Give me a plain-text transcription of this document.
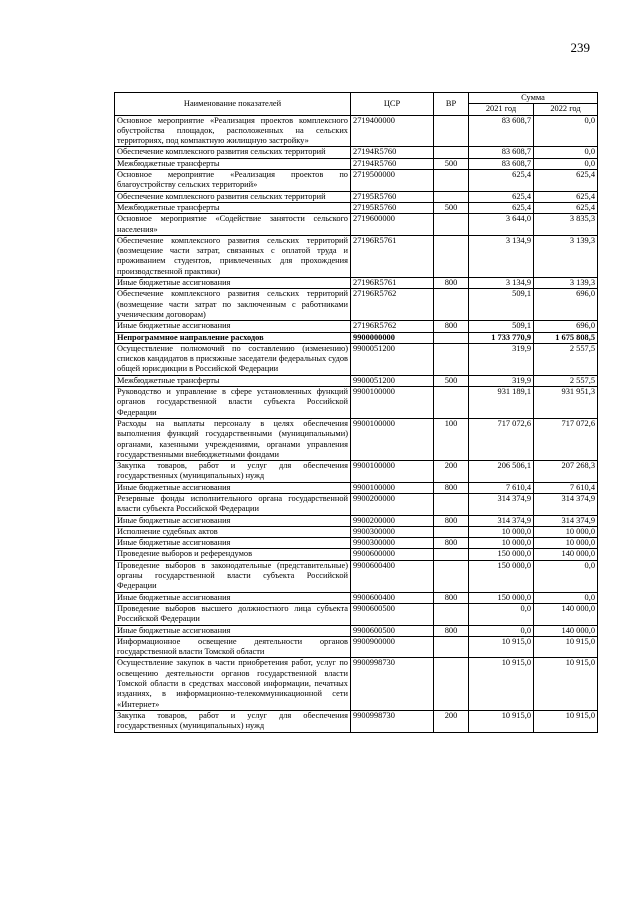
239
Наименование показателей	ЦСР	ВР	Сумма	
			2021 год	2022 год
Основное мероприятие «Реализация проектов комплексного обустройства площадок, расположенных на сельских территориях, под компактную жилищную застройку»	2719400000		83 608,7	0,0
Обеспечение комплексного развития сельских территорий	27194R5760		83 608,7	0,0
Межбюджетные трансферты	27194R5760	500	83 608,7	0,0
Основное мероприятие «Реализация проектов по благоустройству сельских территорий»	2719500000		625,4	625,4
Обеспечение комплексного развития сельских территорий	27195R5760		625,4	625,4
Межбюджетные трансферты	27195R5760	500	625,4	625,4
Основное мероприятие «Содействие занятости сельского населения»	2719600000		3 644,0	3 835,3
Обеспечение комплексного развития сельских территорий (возмещение части затрат, связанных с оплатой труда и проживанием студентов, привлеченных для прохождения производственной практики)	27196R5761		3 134,9	3 139,3
Иные бюджетные ассигнования	27196R5761	800	3 134,9	3 139,3
Обеспечение комплексного развития сельских территорий (возмещение части затрат по заключенным с работниками ученическим договорам)	27196R5762		509,1	696,0
Иные бюджетные ассигнования	27196R5762	800	509,1	696,0
Непрограммное направление расходов	9900000000		1 733 770,9	1 675 808,5
Осуществление полномочий по составлению (изменению) списков кандидатов в присяжные заседатели федеральных судов общей юрисдикции в Российской Федерации	9900051200		319,9	2 557,5
Межбюджетные трансферты	9900051200	500	319,9	2 557,5
Руководство и управление в сфере установленных функций органов государственной власти субъекта Российской Федерации	9900100000		931 189,1	931 951,3
Расходы на выплаты персоналу в целях обеспечения выполнения функций государственными (муниципальными) органами, казенными учреждениями, органами управления государственными внебюджетными фондами	9900100000	100	717 072,6	717 072,6
Закупка товаров, работ и услуг для обеспечения государственных (муниципальных) нужд	9900100000	200	206 506,1	207 268,3
Иные бюджетные ассигнования	9900100000	800	7 610,4	7 610,4
Резервные фонды исполнительного органа государственной власти субъекта Российской Федерации	9900200000		314 374,9	314 374,9
Иные бюджетные ассигнования	9900200000	800	314 374,9	314 374,9
Исполнение судебных актов	9900300000		10 000,0	10 000,0
Иные бюджетные ассигнования	9900300000	800	10 000,0	10 000,0
Проведение выборов и референдумов	9900600000		150 000,0	140 000,0
Проведение выборов в законодательные (представительные) органы государственной власти субъекта Российской Федерации	9900600400		150 000,0	0,0
Иные бюджетные ассигнования	9900600400	800	150 000,0	0,0
Проведение выборов высшего должностного лица субъекта Российской Федерации	9900600500		0,0	140 000,0
Иные бюджетные ассигнования	9900600500	800	0,0	140 000,0
Информационное освещение деятельности органов государственной власти Томской области	9900900000		10 915,0	10 915,0
Осуществление закупок в части приобретения работ, услуг по освещению деятельности органов государственной власти Томской области в средствах массовой информации, печатных изданиях, в информационно-телекоммуникационной сети «Интернет»	9900998730		10 915,0	10 915,0
Закупка товаров, работ и услуг для обеспечения государственных (муниципальных) нужд	9900998730	200	10 915,0	10 915,0
